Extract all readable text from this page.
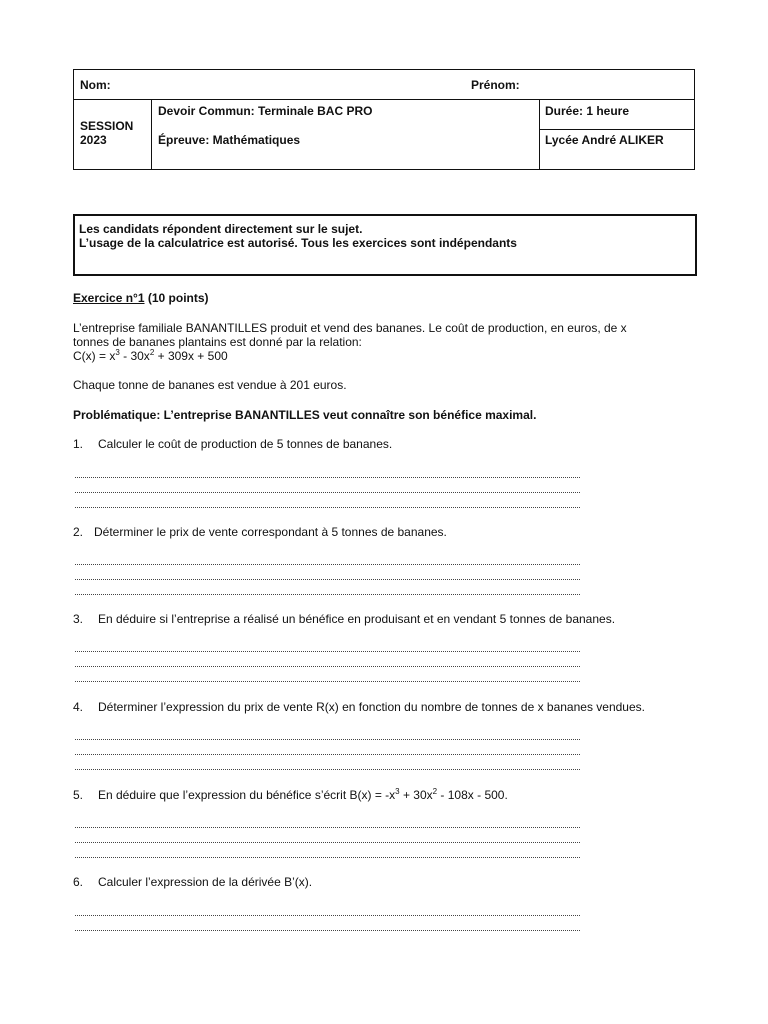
Nom:	Prénom:
SESSION
2023
Devoir Commun: Terminale BAC PRO
Épreuve: Mathématiques
Durée: 1 heure
Lycée André ALIKER
Les candidats répondent directement sur le sujet.
L’usage de la calculatrice est autorisé. Tous les exercices sont indépendants
Exercice n°1 (10 points)
L’entreprise familiale BANANTILLES produit et vend des bananes. Le coût de production, en euros, de x
tonnes de bananes plantains est donné par la relation:
$C(x) = x^3 - 30x^2 + 309x + 500$
Chaque tonne de bananes est vendue à 201 euros.
Problématique: L’entreprise BANANTILLES veut connaître son bénéfice maximal.
1. Calculer le coût de production de 5 tonnes de bananes.
2. Déterminer le prix de vente correspondant à 5 tonnes de bananes.
3. En déduire si l’entreprise a réalisé un bénéfice en produisant et en vendant 5 tonnes de bananes.
4. Déterminer l’expression du prix de vente R(x) en fonction du nombre de tonnes de x bananes vendues.
5. En déduire que l’expression du bénéfice s’écrit $B(x) = -x^3 + 30x^2 - 108x - 500$.
6. Calculer l’expression de la dérivée B’(x).
